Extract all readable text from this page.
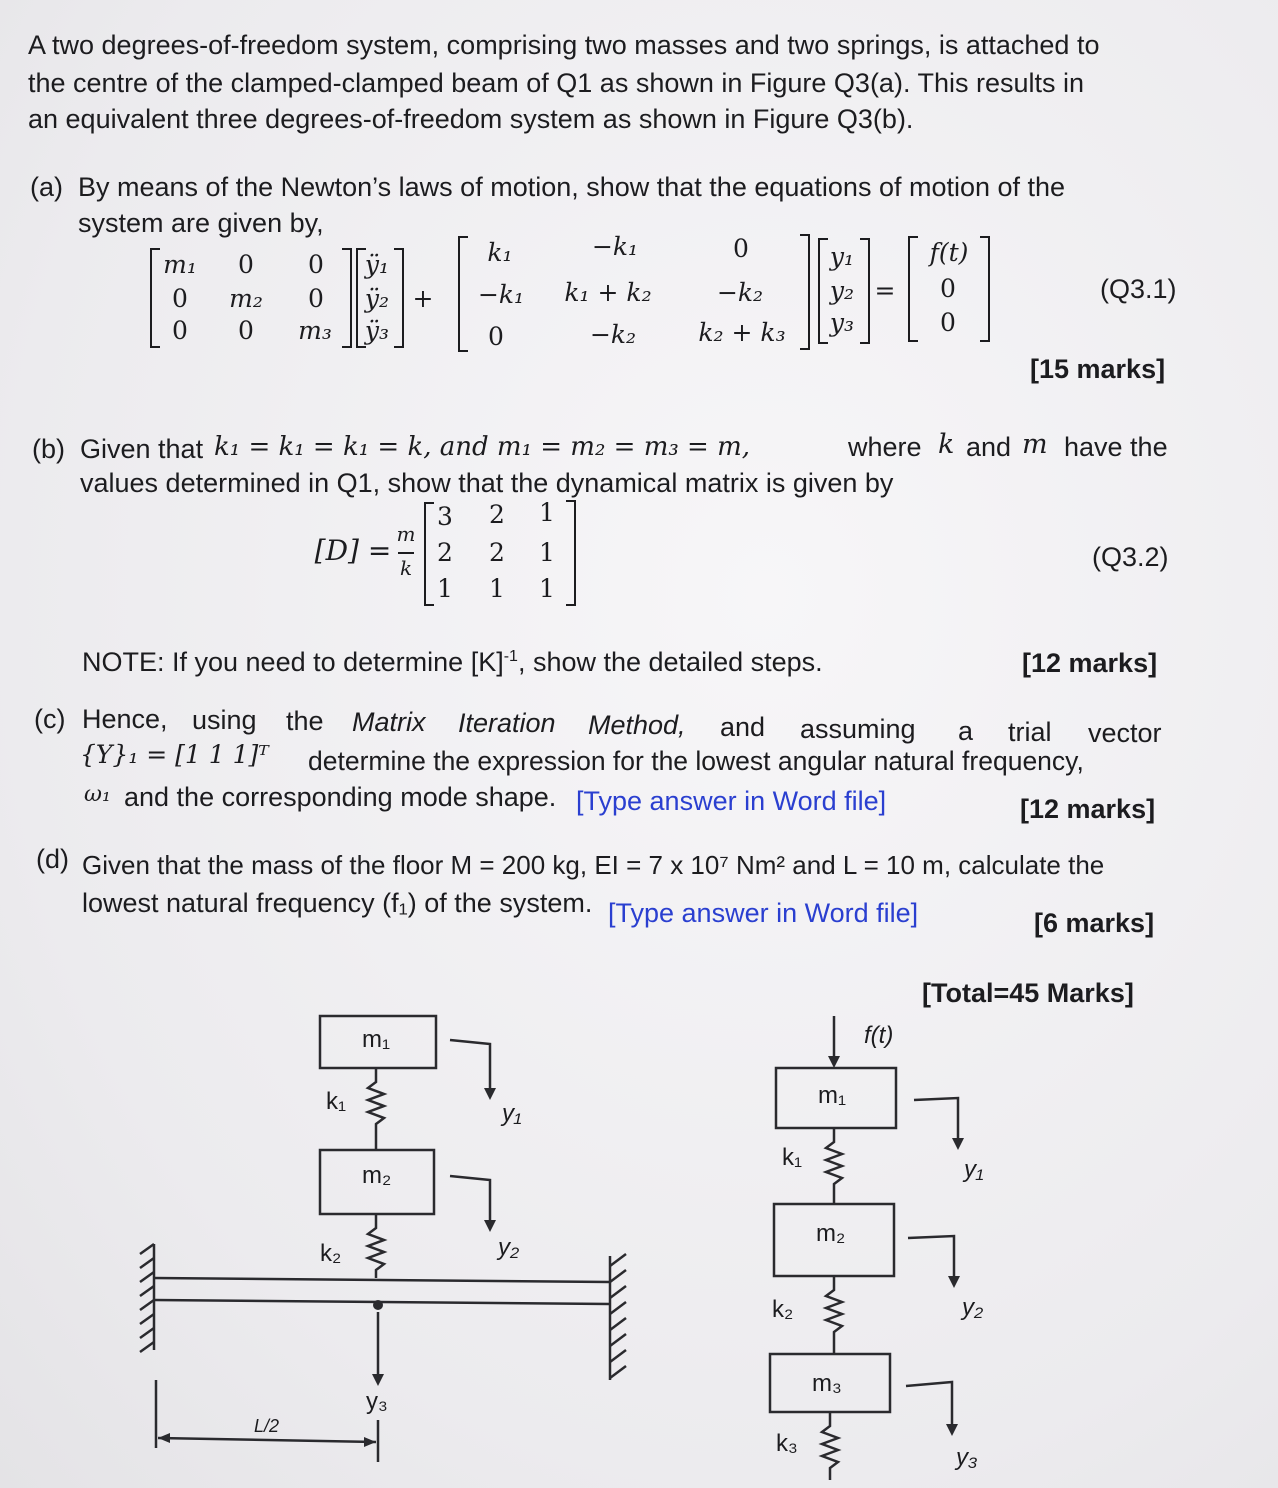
A two degrees-of-freedom system, comprising two masses and two springs, is attached to
the centre of the clamped-clamped beam of Q1 as shown in Figure Q3(a). This results in
an equivalent three degrees-of-freedom system as shown in Figure Q3(b).
(a) By means of the Newton’s laws of motion, show that the equations of motion of the
system are given by,
m₁	0	0
0	m₂	0
0	0	m₃
ÿ₁
ÿ₂
ÿ₃
+
k₁	−k₁	0
−k₁	k₁ + k₂	−k₂
0	−k₂	k₂ + k₃
y₁
y₂
y₃
=
f(t)
0
0
(Q3.1)
[15 marks]
(b) Given that k₁ = k₁ = k₁ = k, and m₁ = m₂ = m₃ = m,	where k and m have the
values determined in Q1, show that the dynamical matrix is given by
[D] = m
k
3 2 1
2 2 1
1 1 1
(Q3.2)
NOTE: If you need to determine $[K]^{-1}$, show the detailed steps.	[12 marks]
(c) Hence, using the Matrix Iteration Method, and assuming a trial vector
{Y}₁ = [1 1 1]ᵀ determine the expression for the lowest angular natural frequency,
ω₁ and the corresponding mode shape. [Type answer in Word file]	[12 marks]
(d) Given that the mass of the floor M = 200 kg, EI = 7 x 10⁷ Nm² and L = 10 m, calculate the
lowest natural frequency (f₁) of the system. [Type answer in Word file]	[6 marks]
[Total=45 Marks]
m₁
m₂
k₁
k₂
y₁
y₂
y₃
L/2
f(t)
m₁
m₂
m₃
k₁
k₂
k₃
y₁
y₂
y₃
